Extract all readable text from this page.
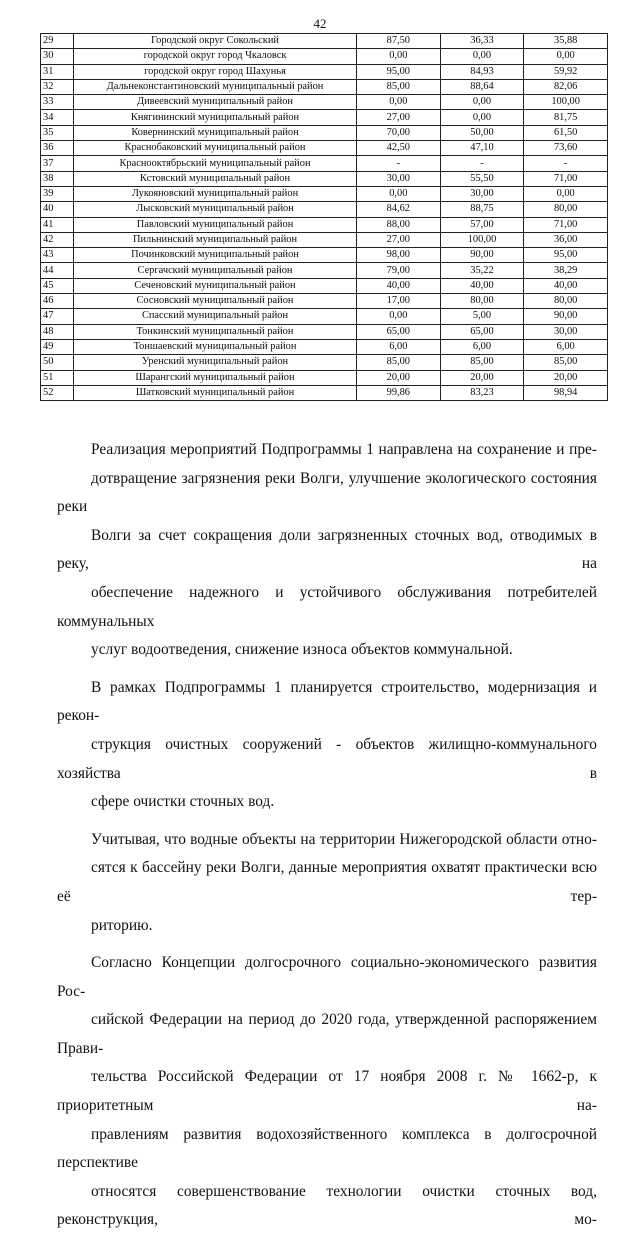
42
29	Городской округ Сокольский	87,50	36,33	35,88
30	городской округ город Чкаловск	0,00	0,00	0,00
31	городской округ город Шахунья	95,00	84,93	59,92
32	Дальнеконстантиновский муниципальный район	85,00	88,64	82,06
33	Дивеевский муниципальный район	0,00	0,00	100,00
34	Княгининский муниципальный район	27,00	0,00	81,75
35	Ковернинский муниципальный район	70,00	50,00	61,50
36	Краснобаковский муниципальный район	42,50	47,10	73,60
37	Краснооктябрьский муниципальный район	-	-	-
38	Кстовский муниципальный район	30,00	55,50	71,00
39	Лукояновский муниципальный район	0,00	30,00	0,00
40	Лысковский муниципальный район	84,62	88,75	80,00
41	Павловский муниципальный район	88,00	57,00	71,00
42	Пильнинский муниципальный район	27,00	100,00	36,00
43	Починковский муниципальный район	98,00	90,00	95,00
44	Сергачский муниципальный район	79,00	35,22	38,29
45	Сеченовский муниципальный район	40,00	40,00	40,00
46	Сосновский муниципальный район	17,00	80,00	80,00
47	Спасский муниципальный район	0,00	5,00	90,00
48	Тонкинский муниципальный район	65,00	65,00	30,00
49	Тоншаевский муниципальный район	6,00	6,00	6,00
50	Уренский муниципальный район	85,00	85,00	85,00
51	Шарангский муниципальный район	20,00	20,00	20,00
52	Шатковский муниципальный район	99,86	83,23	98,94

Реализация мероприятий Подпрограммы 1 направлена на сохранение и пре-
дотвращение загрязнения реки Волги, улучшение экологического состояния реки
Волги за счет сокращения доли загрязненных сточных вод, отводимых в реку, на
обеспечение надежного и устойчивого обслуживания потребителей коммунальных
услуг водоотведения, снижение износа объектов коммунальной.

В рамках Подпрограммы 1 планируется строительство, модернизация и рекон-
струкция очистных сооружений - объектов жилищно-коммунального хозяйства в
сфере очистки сточных вод.

Учитывая, что водные объекты на территории Нижегородской области отно-
сятся к бассейну реки Волги, данные мероприятия охватят практически всю её тер-
риторию.

Согласно Концепции долгосрочного социально-экономического развития Рос-
сийской Федерации на период до 2020 года, утвержденной распоряжением Прави-
тельства Российской Федерации от 17 ноября 2008 г. № 1662-р, к приоритетным на-
правлениям развития водохозяйственного комплекса в долгосрочной перспективе
относятся совершенствование технологии очистки сточных вод, реконструкция, мо-
